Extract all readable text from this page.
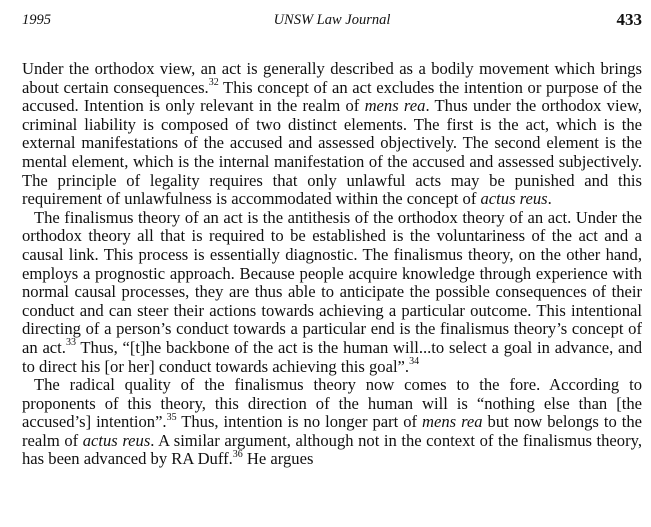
1995	UNSW Law Journal	433

Under the orthodox view, an act is generally described as a bodily movement which brings about certain consequences.$^{32}$ This concept of an act excludes the intention or purpose of the accused. Intention is only relevant in the realm of mens rea. Thus under the orthodox view, criminal liability is composed of two distinct elements. The first is the act, which is the external manifestations of the accused and assessed objectively. The second element is the mental element, which is the internal manifestation of the accused and assessed subjectively. The principle of legality requires that only unlawful acts may be punished and this requirement of unlawfulness is accommodated within the concept of actus reus.

The finalismus theory of an act is the antithesis of the orthodox theory of an act. Under the orthodox theory all that is required to be established is the voluntariness of the act and a causal link. This process is essentially diagnostic. The finalismus theory, on the other hand, employs a prognostic approach. Because people acquire knowledge through experience with normal causal processes, they are thus able to anticipate the possible consequences of their conduct and can steer their actions towards achieving a particular outcome. This intentional directing of a person’s conduct towards a particular end is the finalismus theory’s concept of an act.$^{33}$ Thus, “[t]he backbone of the act is the human will...to select a goal in advance, and to direct his [or her] conduct towards achieving this goal”.$^{34}$

The radical quality of the finalismus theory now comes to the fore. According to proponents of this theory, this direction of the human will is “nothing else than [the accused’s] intention”.$^{35}$ Thus, intention is no longer part of mens rea but now belongs to the realm of actus reus. A similar argument, although not in the context of the finalismus theory, has been advanced by RA Duff.$^{36}$ He argues
